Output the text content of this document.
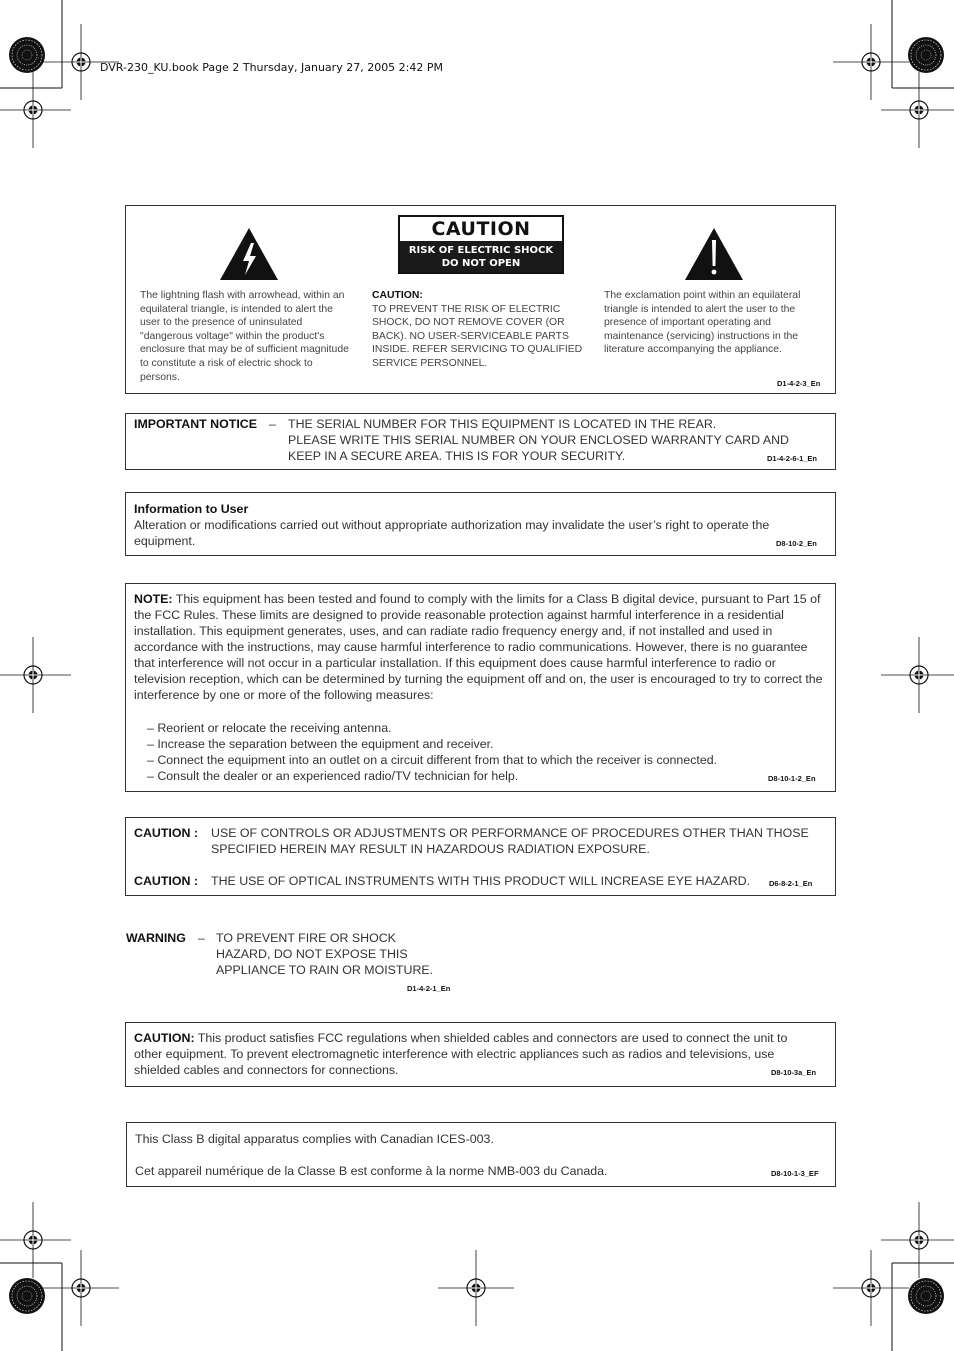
DVR-230_KU.book Page 2 Thursday, January 27, 2005 2:42 PM
CAUTION
RISK OF ELECTRIC SHOCK
DO NOT OPEN
The lightning flash with arrowhead, within an equilateral triangle, is intended to alert the user to the presence of uninsulated "dangerous voltage" within the product's enclosure that may be of sufficient magnitude to constitute a risk of electric shock to persons.
CAUTION:
TO PREVENT THE RISK OF ELECTRIC SHOCK, DO NOT REMOVE COVER (OR BACK). NO USER-SERVICEABLE PARTS INSIDE. REFER SERVICING TO QUALIFIED SERVICE PERSONNEL.
The exclamation point within an equilateral triangle is intended to alert the user to the presence of important operating and maintenance (servicing) instructions in the literature accompanying the appliance.
D1-4-2-3_En
IMPORTANT NOTICE – THE SERIAL NUMBER FOR THIS EQUIPMENT IS LOCATED IN THE REAR.
PLEASE WRITE THIS SERIAL NUMBER ON YOUR ENCLOSED WARRANTY CARD AND
KEEP IN A SECURE AREA. THIS IS FOR YOUR SECURITY.	D1-4-2-6-1_En
Information to User
Alteration or modifications carried out without appropriate authorization may invalidate the user’s right to operate the equipment.	D8-10-2_En
NOTE: This equipment has been tested and found to comply with the limits for a Class B digital device, pursuant to Part 15 of the FCC Rules. These limits are designed to provide reasonable protection against harmful interference in a residential installation. This equipment generates, uses, and can radiate radio frequency energy and, if not installed and used in accordance with the instructions, may cause harmful interference to radio communications. However, there is no guarantee that interference will not occur in a particular installation. If this equipment does cause harmful interference to radio or television reception, which can be determined by turning the equipment off and on, the user is encouraged to try to correct the interference by one or more of the following measures:
– Reorient or relocate the receiving antenna.
– Increase the separation between the equipment and receiver.
– Connect the equipment into an outlet on a circuit different from that to which the receiver is connected.
– Consult the dealer or an experienced radio/TV technician for help.	D8-10-1-2_En
CAUTION : USE OF CONTROLS OR ADJUSTMENTS OR PERFORMANCE OF PROCEDURES OTHER THAN THOSE
SPECIFIED HEREIN MAY RESULT IN HAZARDOUS RADIATION EXPOSURE.
CAUTION : THE USE OF OPTICAL INSTRUMENTS WITH THIS PRODUCT WILL INCREASE EYE HAZARD.	D6-8-2-1_En
WARNING – TO PREVENT FIRE OR SHOCK
HAZARD, DO NOT EXPOSE THIS
APPLIANCE TO RAIN OR MOISTURE.
D1-4-2-1_En
CAUTION: This product satisfies FCC regulations when shielded cables and connectors are used to connect the unit to other equipment. To prevent electromagnetic interference with electric appliances such as radios and televisions, use shielded cables and connectors for connections.	D8-10-3a_En
This Class B digital apparatus complies with Canadian ICES-003.
Cet appareil numérique de la Classe B est conforme à la norme NMB-003 du Canada.	D8-10-1-3_EF
